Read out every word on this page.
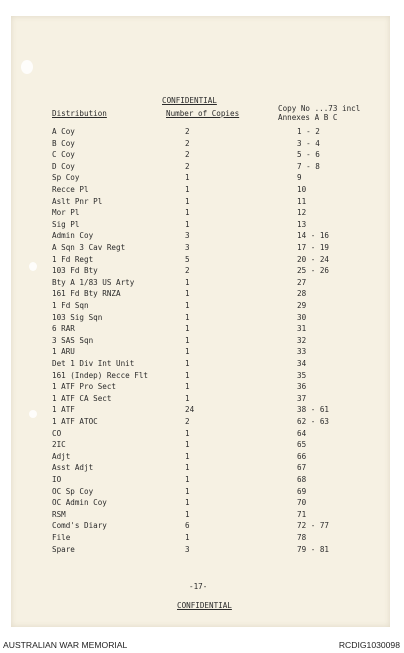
CONFIDENTIAL
Distribution	Number of Copies
Copy No ...73 incl
Annexes A B C
A Coy	2	1 - 2
B Coy	2	3 - 4
C Coy	2	5 - 6
D Coy	2	7 - 8
Sp Coy	1	9
Recce Pl	1	10
Aslt Pnr Pl	1	11
Mor Pl	1	12
Sig Pl	1	13
Admin Coy	3	14 - 16
A Sqn 3 Cav Regt	3	17 - 19
1 Fd Regt	5	20 - 24
103 Fd Bty	2	25 - 26
Bty A 1/83 US Arty	1	27
161 Fd Bty RNZA	1	28
1 Fd Sqn	1	29
103 Sig Sqn	1	30
6 RAR	1	31
3 SAS Sqn	1	32
1 ARU	1	33
Det 1 Div Int Unit	1	34
161 (Indep) Recce Flt	1	35
1 ATF Pro Sect	1	36
1 ATF CA Sect	1	37
1 ATF	24	38 - 61
1 ATF ATOC	2	62 - 63
CO	1	64
2IC	1	65
Adjt	1	66
Asst Adjt	1	67
IO	1	68
OC Sp Coy	1	69
OC Admin Coy	1	70
RSM	1	71
Comd's Diary	6	72 - 77
File	1	78
Spare	3	79 - 81
-17-
CONFIDENTIAL
AUSTRALIAN WAR MEMORIAL	RCDIG1030098
